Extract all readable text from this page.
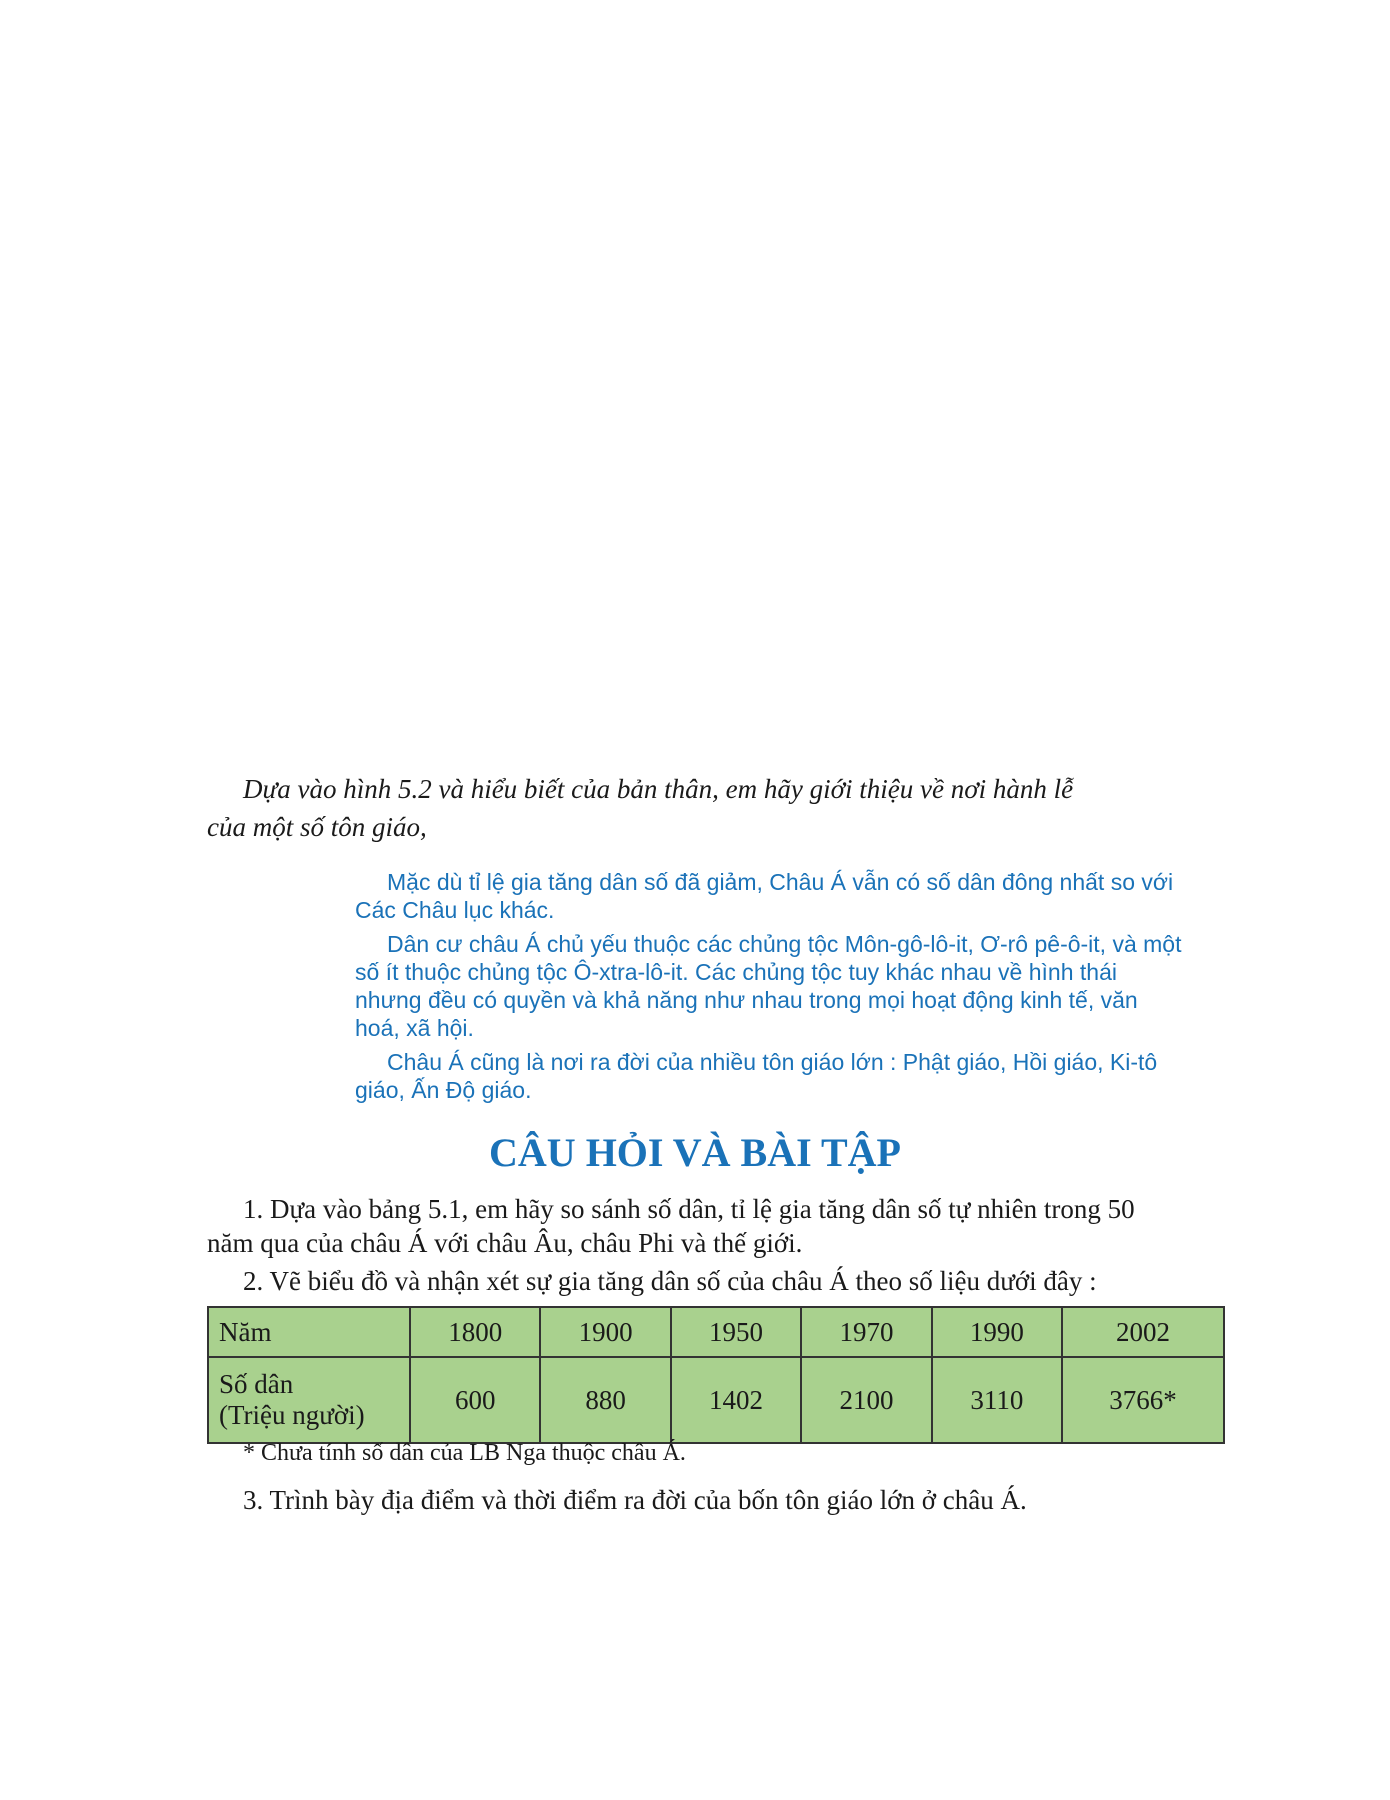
Dựa vào hình 5.2 và hiểu biết của bản thân, em hãy giới thiệu về nơi hành lễ

của một số tôn giáo,

Mặc dù tỉ lệ gia tăng dân số đã giảm, Châu Á vẫn có số dân đông nhất so với Các Châu lục khác.

Dân cư châu Á chủ yếu thuộc các chủng tộc Môn-gô-lô-it, Ơ-rô pê-ô-it, và một số ít thuộc chủng tộc Ô-xtra-lô-it. Các chủng tộc tuy khác nhau về hình thái nhưng đều có quyền và khả năng như nhau trong mọi hoạt động kinh tế, văn hoá, xã hội.

Châu Á cũng là nơi ra đời của nhiều tôn giáo lớn : Phật giáo, Hồi giáo, Ki-tô giáo, Ấn Độ giáo.

CÂU HỎI VÀ BÀI TẬP

1. Dựa vào bảng 5.1, em hãy so sánh số dân, tỉ lệ gia tăng dân số tự nhiên trong 50 năm qua của châu Á với châu Âu, châu Phi và thế giới.

2. Vẽ biểu đồ và nhận xét sự gia tăng dân số của châu Á theo số liệu dưới đây :

Năm	1800	1900	1950	1970	1990	2002

Số dân
(Triệu người)	600	880	1402	2100	3110	3766*
* Chưa tính số dân của LB Nga thuộc châu Á.

3. Trình bày địa điểm và thời điểm ra đời của bốn tôn giáo lớn ở châu Á.
